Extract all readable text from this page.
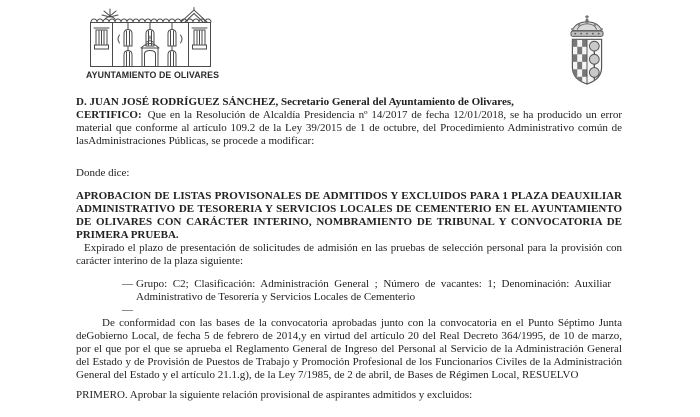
AYUNTAMIENTO DE OLIVARES

D. JUAN JOSÉ RODRÍGUEZ SÁNCHEZ, Secretario General del Ayuntamiento de Olivares,
CERTIFICO: Que en la Resolución de Alcaldía Presidencia nº 14/2017 de fecha 12/01/2018, se ha producido un error material que conforme al artículo 109.2 de la Ley 39/2015 de 1 de octubre, del Procedimiento Administrativo común de lasAdministraciones Públicas, se procede a modificar:

Donde dice:

APROBACION DE LISTAS PROVISONALES DE ADMITIDOS Y EXCLUIDOS PARA 1 PLAZA DEAUXILIAR ADMINISTRATIVO DE TESORERIA Y SERVICIOS LOCALES DE CEMENTERIO EN EL AYUNTAMIENTO DE OLIVARES CON CARÁCTER INTERINO, NOMBRAMIENTO DE TRIBUNAL Y CONVOCATORIA DE PRIMERA PRUEBA.

Expirado el plazo de presentación de solicitudes de admisión en las pruebas de selección personal para la provisión con carácter interino de la plaza siguiente:

— Grupo: C2; Clasificación: Administración General ; Número de vacantes: 1; Denominación: Auxiliar Administrativo de Tesorería y Servicios Locales de Cementerio

—

De conformidad con las bases de la convocatoria aprobadas junto con la convocatoria en el Punto Séptimo Junta deGobierno Local, de fecha 5 de febrero de 2014,y en virtud del artículo 20 del Real Decreto 364/1995, de 10 de marzo, por el que por el que se aprueba el Reglamento General de Ingreso del Personal al Servicio de la Administración General del Estado y de Provisión de Puestos de Trabajo y Promoción Profesional de los Funcionarios Civiles de la Administración General del Estado y el artículo 21.1.g), de la Ley 7/1985, de 2 de abril, de Bases de Régimen Local, RESUELVO

PRIMERO. Aprobar la siguiente relación provisional de aspirantes admitidos y excluidos:
